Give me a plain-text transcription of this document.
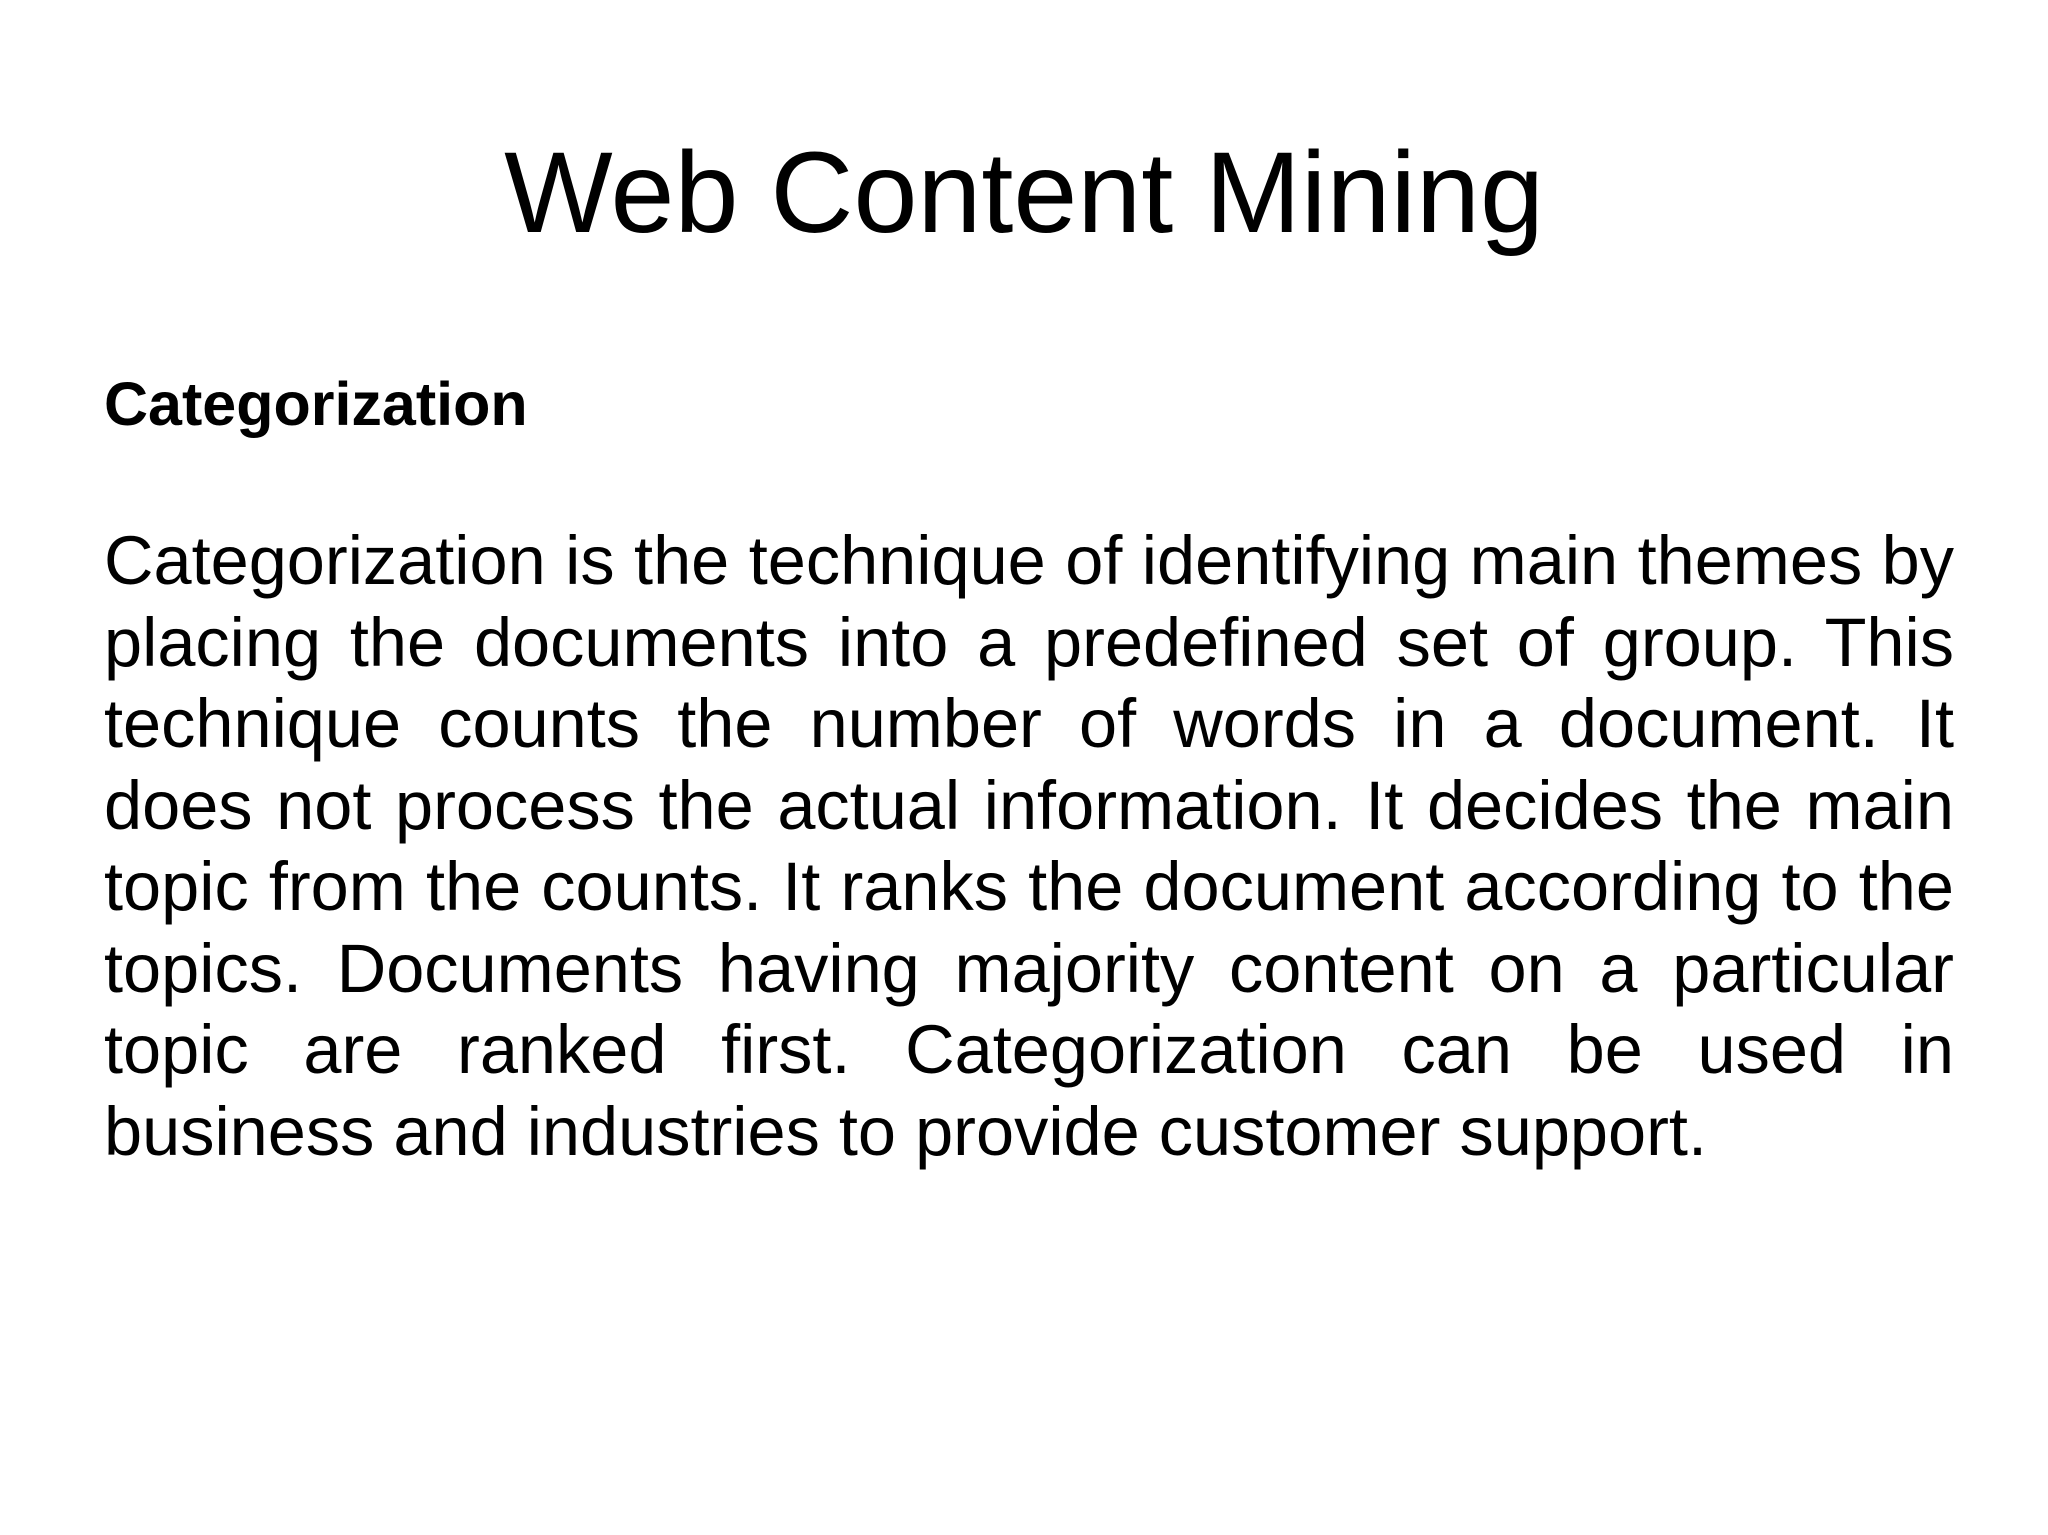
Web Content Mining
Categorization

Categorization is the technique of identifying main themes by placing the documents into a predefined set of group. This technique counts the number of words in a document. It does not process the actual information. It decides the main topic from the counts. It ranks the document according to the topics. Documents having majority content on a particular topic are ranked first. Categorization can be used in business and industries to provide customer support.
